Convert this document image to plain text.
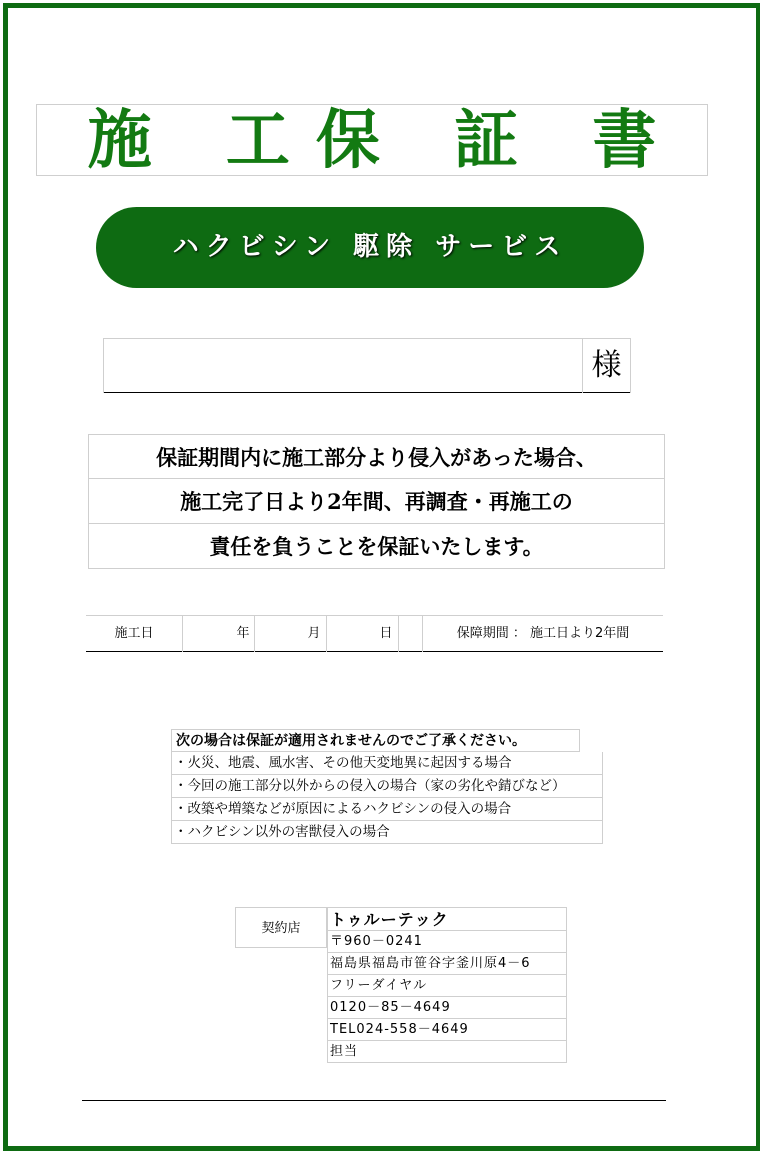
施 工保 証 書
ハクビシン 駆除 サービス
様
保証期間内に施工部分より侵入があった場合、
施工完了日より2年間、再調査・再施工の
責任を負うことを保証いたします。
施工日	年	月	日	保障期間 ： 施工日より2年間
次の場合は保証が適用されませんのでご了承ください。
・火災、地震、風水害、その他天変地異に起因する場合
・今回の施工部分以外からの侵入の場合（家の劣化や錆びなど）
・改築や増築などが原因によるハクビシンの侵入の場合
・ハクビシン以外の害獣侵入の場合
契約店	トゥルーテック
〒960－0241
福島県福島市笹谷字釜川原4－6
フリーダイヤル
0120－85－4649
TEL024-558－4649
担当
